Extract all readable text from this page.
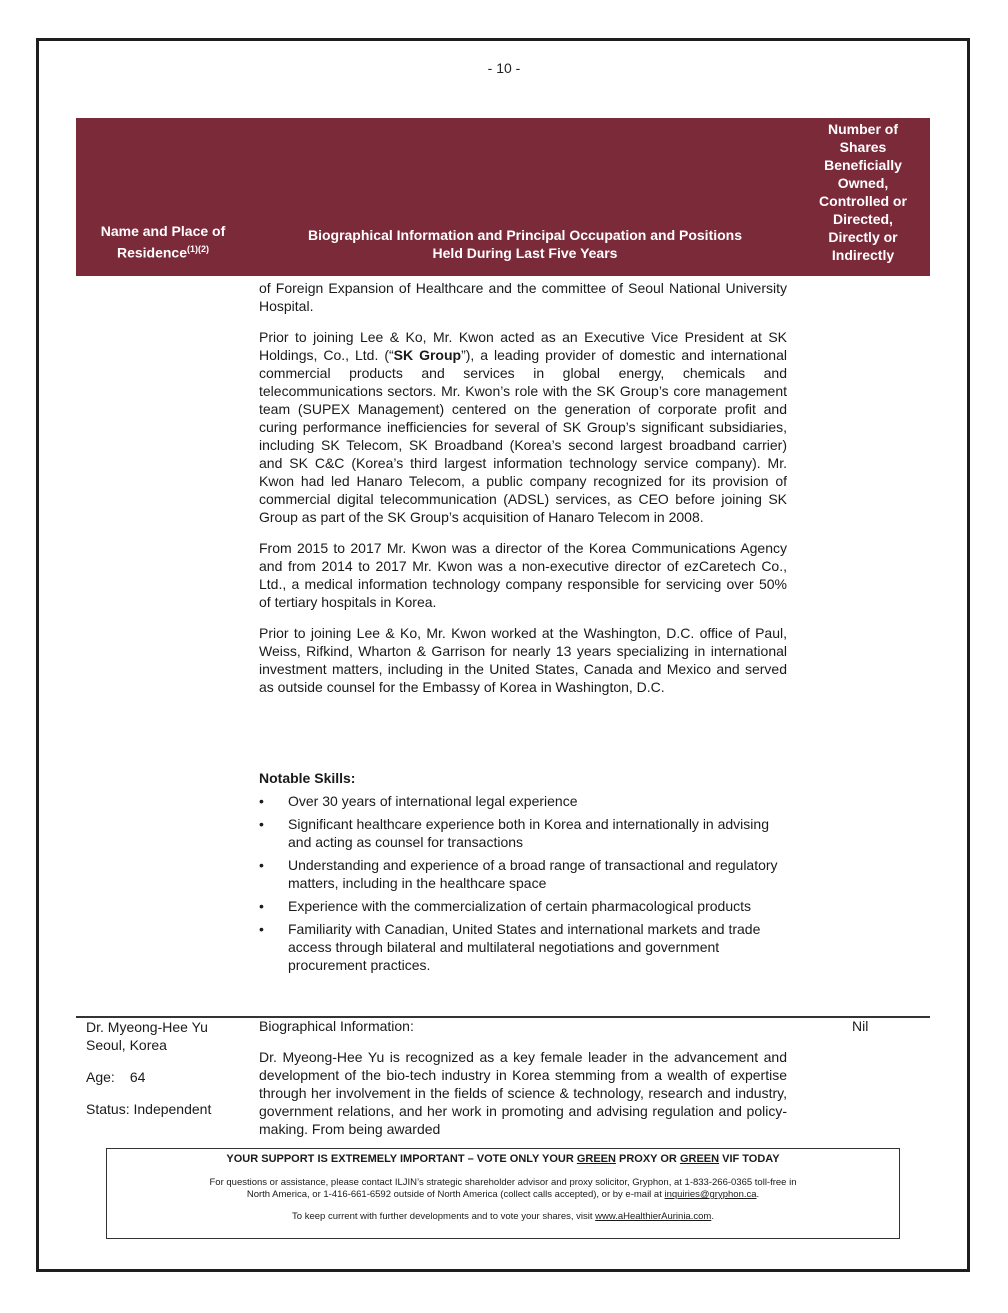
- 10 -
Name and Place of Residence$^{(1)(2)}$
Biographical Information and Principal Occupation and Positions
Held During Last Five Years
Number of
Shares
Beneficially
Owned,
Controlled or
Directed,
Directly or
Indirectly

of Foreign Expansion of Healthcare and the committee of Seoul National University Hospital.

Prior to joining Lee & Ko, Mr. Kwon acted as an Executive Vice President at SK Holdings, Co., Ltd. (“SK Group”), a leading provider of domestic and international commercial products and services in global energy, chemicals and telecommunications sectors. Mr. Kwon’s role with the SK Group’s core management team (SUPEX Management) centered on the generation of corporate profit and curing performance inefficiencies for several of SK Group’s significant subsidiaries, including SK Telecom, SK Broadband (Korea’s second largest broadband carrier) and SK C&C (Korea’s third largest information technology service company). Mr. Kwon had led Hanaro Telecom, a public company recognized for its provision of commercial digital telecommunication (ADSL) services, as CEO before joining SK Group as part of the SK Group’s acquisition of Hanaro Telecom in 2008.

From 2015 to 2017 Mr. Kwon was a director of the Korea Communications Agency and from 2014 to 2017 Mr. Kwon was a non-executive director of ezCaretech Co., Ltd., a medical information technology company responsible for servicing over 50% of tertiary hospitals in Korea.

Prior to joining Lee & Ko, Mr. Kwon worked at the Washington, D.C. office of Paul, Weiss, Rifkind, Wharton & Garrison for nearly 13 years specializing in international investment matters, including in the United States, Canada and Mexico and served as outside counsel for the Embassy of Korea in Washington, D.C.

Notable Skills:
• Over 30 years of international legal experience
• Significant healthcare experience both in Korea and internationally in advising and acting as counsel for transactions
• Understanding and experience of a broad range of transactional and regulatory matters, including in the healthcare space
• Experience with the commercialization of certain pharmacological products
• Familiarity with Canadian, United States and international markets and trade access through bilateral and multilateral negotiations and government procurement practices.
Dr. Myeong-Hee Yu
Seoul, Korea
Age: 64
Status: Independent
Biographical Information:
Dr. Myeong-Hee Yu is recognized as a key female leader in the advancement and development of the bio-tech industry in Korea stemming from a wealth of expertise through her involvement in the fields of science & technology, research and industry, government relations, and her work in promoting and advising regulation and policy-making. From being awarded
Nil
YOUR SUPPORT IS EXTREMELY IMPORTANT – VOTE ONLY YOUR GREEN PROXY OR GREEN VIF TODAY
For questions or assistance, please contact ILJIN’s strategic shareholder advisor and proxy solicitor, Gryphon, at 1-833-266-0365 toll-free in
North America, or 1-416-661-6592 outside of North America (collect calls accepted), or by e-mail at inquiries@gryphon.ca.
To keep current with further developments and to vote your shares, visit www.aHealthierAurinia.com.
